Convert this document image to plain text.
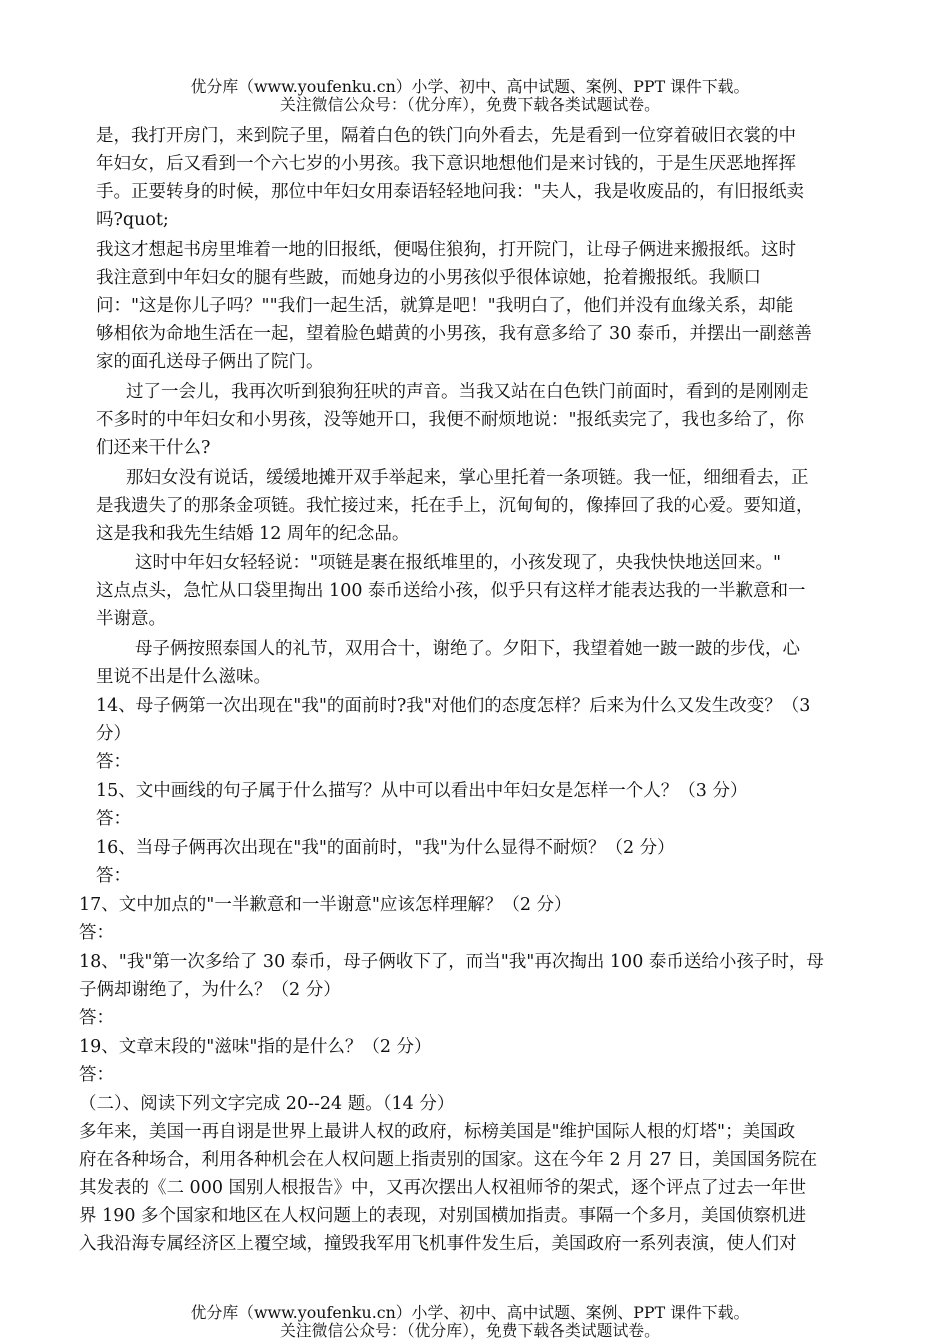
优分库（www.youfenku.cn）小学、初中、高中试题、案例、PPT 课件下载。
关注微信公众号：（优分库），免费下载各类试题试卷。
是，我打开房门，来到院子里，隔着白色的铁门向外看去，先是看到一位穿着破旧衣裳的中
年妇女，后又看到一个六七岁的小男孩。我下意识地想他们是来讨钱的，于是生厌恶地挥挥
手。正要转身的时候，那位中年妇女用泰语轻轻地问我："夫人，我是收废品的，有旧报纸卖
吗?quot;
我这才想起书房里堆着一地的旧报纸，便喝住狼狗，打开院门，让母子俩进来搬报纸。这时
我注意到中年妇女的腿有些跛，而她身边的小男孩似乎很体谅她，抢着搬报纸。我顺口
问："这是你儿子吗？""我们一起生活，就算是吧！"我明白了，他们并没有血缘关系，却能
够相依为命地生活在一起，望着脸色蜡黄的小男孩，我有意多给了 30 泰币，并摆出一副慈善
家的面孔送母子俩出了院门。
过了一会儿，我再次听到狼狗狂吠的声音。当我又站在白色铁门前面时，看到的是刚刚走
不多时的中年妇女和小男孩，没等她开口，我便不耐烦地说："报纸卖完了，我也多给了，你
们还来干什么?
那妇女没有说话，缓缓地摊开双手举起来，掌心里托着一条项链。我一怔，细细看去，正
是我遗失了的那条金项链。我忙接过来，托在手上，沉甸甸的，像捧回了我的心爱。要知道，
这是我和我先生结婚 12 周年的纪念品。
这时中年妇女轻轻说："项链是裹在报纸堆里的，小孩发现了，央我快快地送回来。"
这点点头，急忙从口袋里掏出 100 泰币送给小孩，似乎只有这样才能表达我的一半歉意和一
半谢意。
母子俩按照泰国人的礼节，双用合十，谢绝了。夕阳下，我望着她一跛一跛的步伐，心
里说不出是什么滋味。
14、母子俩第一次出现在"我"的面前时?我"对他们的态度怎样？后来为什么又发生改变？（3
分）
答：
15、文中画线的句子属于什么描写？从中可以看出中年妇女是怎样一个人？（3 分）
答：
16、当母子俩再次出现在"我"的面前时，"我"为什么显得不耐烦？（2 分）
答：
17、文中加点的"一半歉意和一半谢意"应该怎样理解？（2 分）
答：
18、"我"第一次多给了 30 泰币，母子俩收下了，而当"我"再次掏出 100 泰币送给小孩子时，母
子俩却谢绝了，为什么？（2 分）
答：
19、文章末段的"滋味"指的是什么？（2 分）
答：
（二）、阅读下列文字完成 20--24 题。（14 分）
多年来，美国一再自诩是世界上最讲人权的政府，标榜美国是"维护国际人根的灯塔"；美国政
府在各种场合，利用各种机会在人权问题上指责别的国家。这在今年 2 月 27 日，美国国务院在
其发表的《二 000 国别人根报告》中，又再次摆出人权祖师爷的架式，逐个评点了过去一年世
界 190 多个国家和地区在人权问题上的表现，对别国横加指责。事隔一个多月，美国侦察机进
入我沿海专属经济区上覆空域，撞毁我军用飞机事件发生后，美国政府一系列表演，使人们对
优分库（www.youfenku.cn）小学、初中、高中试题、案例、PPT 课件下载。
关注微信公众号：（优分库），免费下载各类试题试卷。
